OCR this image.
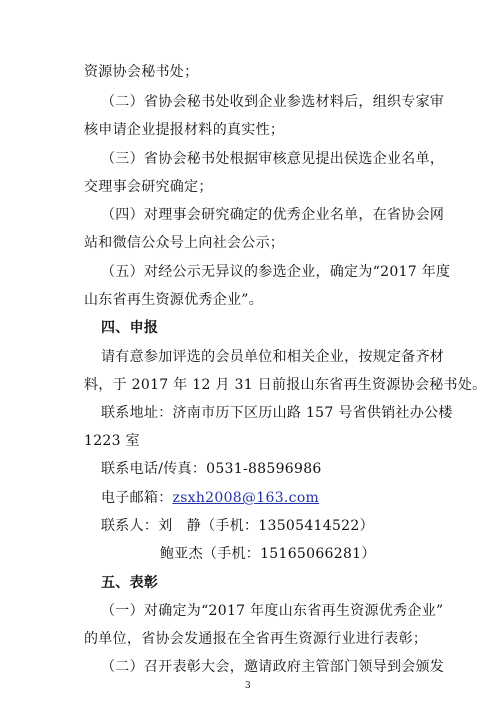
资源协会秘书处；
（二）省协会秘书处收到企业参选材料后，组织专家审
核申请企业提报材料的真实性；
（三）省协会秘书处根据审核意见提出侯选企业名单，
交理事会研究确定；
（四）对理事会研究确定的优秀企业名单，在省协会网
站和微信公众号上向社会公示；
（五）对经公示无异议的参选企业，确定为“2017 年度
山东省再生资源优秀企业”。
四、申报
请有意参加评选的会员单位和相关企业，按规定备齐材
料，于 2017 年 12 月 31 日前报山东省再生资源协会秘书处。
联系地址：济南市历下区历山路 157 号省供销社办公楼
1223 室
联系电话/传真：0531-88596986
电子邮箱：zsxh2008@163.com
联系人：刘　静（手机：13505414522）
鲍亚杰（手机：15165066281）
五、表彰
（一）对确定为“2017 年度山东省再生资源优秀企业”
的单位，省协会发通报在全省再生资源行业进行表彰；
（二）召开表彰大会，邀请政府主管部门领导到会颁发
3
